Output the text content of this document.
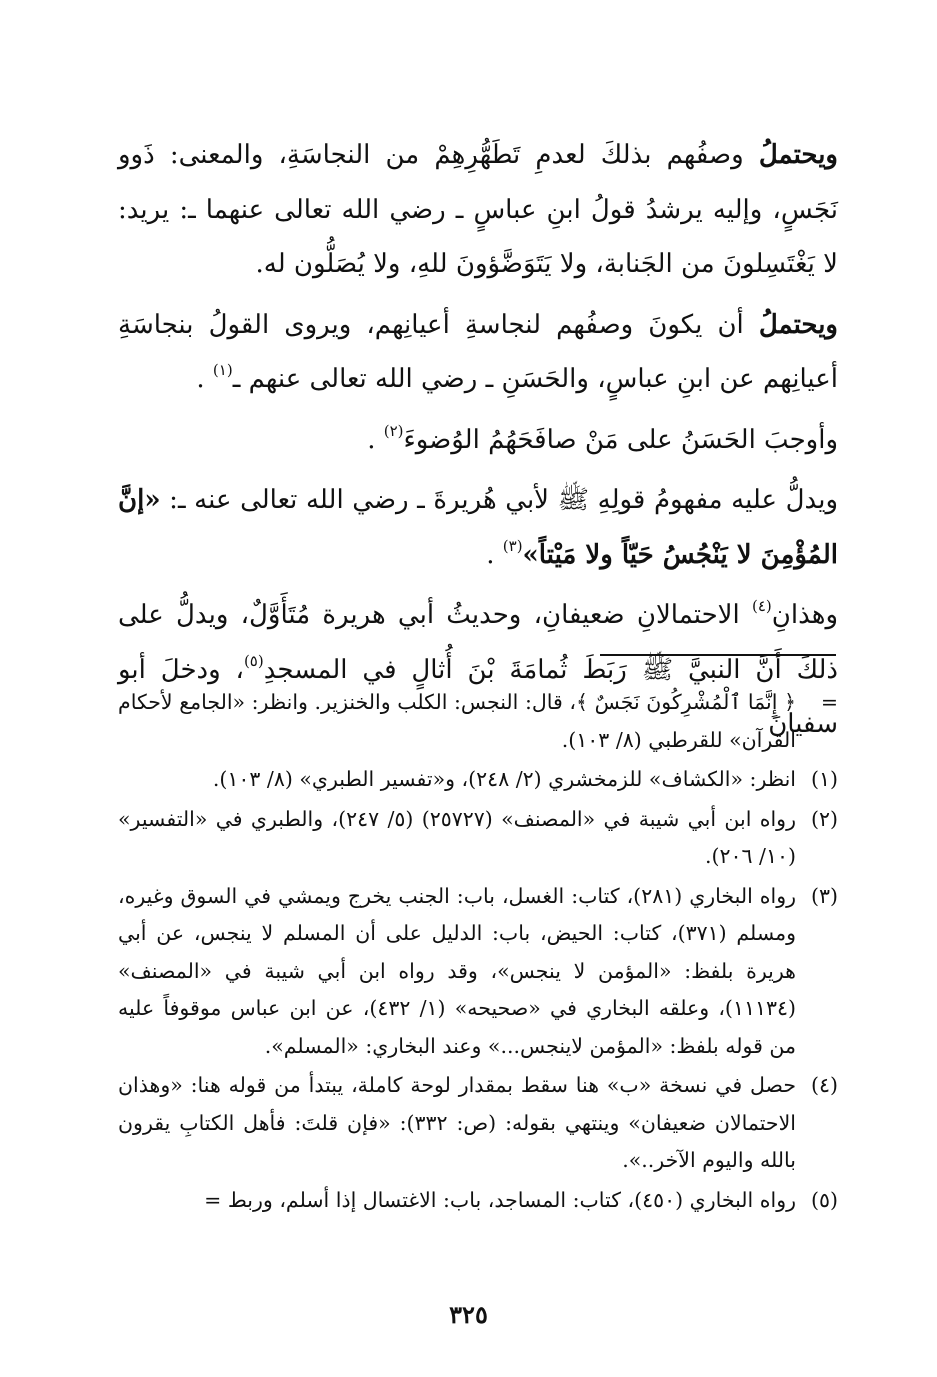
ويحتملُ وصفُهم بذلكَ لعدمِ تَطَهُّرِهِمْ من النجاسَةِ، والمعنى: ذَوو نَجَسٍ، وإليه يرشدُ قولُ ابنِ عباسٍ ـ رضي الله تعالى عنهما ـ: يريد: لا يَغْتَسِلونَ من الجَنابة، ولا يَتَوَضَّؤونَ للهِ، ولا يُصَلُّون له.

ويحتملُ أن يكونَ وصفُهم لنجاسةِ أعيانِهم، ويروى القولُ بنجاسَةِ أعيانِهم عن ابنِ عباسٍ، والحَسَنِ ـ رضي الله تعالى عنهم ـ$^{(١)}$ .

وأوجبَ الحَسَنُ على مَنْ صافَحَهُمُ الوُضوءَ$^{(٢)}$ .

ويدلُّ عليه مفهومُ قولِهِ ﷺ لأبي هُريرةَ ـ رضي الله تعالى عنه ـ: «إنَّ المُؤْمِنَ لا يَنْجُسُ حَيّاً ولا مَيْتاً»$^{(٣)}$ .

وهذانِ$^{(٤)}$ الاحتمالانِ ضعيفانِ، وحديثُ أبي هريرة مُتَأَوَّلٌ، ويدلُّ على ذلكَ أَنَّ النبيَّ ﷺ رَبَطَ ثُمامَةَ بْنَ أُثالٍ في المسجدِ$^{(٥)}$، ودخلَ أبو سفيانَ

=
﴿ إِنَّمَا ٱلْمُشْرِكُونَ نَجَسٌ ﴾، قال: النجس: الكلب والخنزير. وانظر: «الجامع لأحكام القرآن» للقرطبي (٨/ ١٠٣).
(١)
انظر: «الكشاف» للزمخشري (٢/ ٢٤٨)، و«تفسير الطبري» (٨/ ١٠٣).
(٢)
رواه ابن أبي شيبة في «المصنف» (٢٥٧٢٧) (٥/ ٢٤٧)، والطبري في «التفسير» (١٠/ ٢٠٦).
(٣)
رواه البخاري (٢٨١)، كتاب: الغسل، باب: الجنب يخرج ويمشي في السوق وغيره، ومسلم (٣٧١)، كتاب: الحيض، باب: الدليل على أن المسلم لا ينجس، عن أبي هريرة بلفظ: «المؤمن لا ينجس»، وقد رواه ابن أبي شيبة في «المصنف» (١١١٣٤)، وعلقه البخاري في «صحيحه» (١/ ٤٣٢)، عن ابن عباس موقوفاً عليه من قوله بلفظ: «المؤمن لاينجس...» وعند البخاري: «المسلم».
(٤)
حصل في نسخة «ب» هنا سقط بمقدار لوحة كاملة، يبتدأ من قوله هنا: «وهذان الاحتمالان ضعيفان» وينتهي بقوله: (ص: ٣٣٢): «فإن قلتَ: فأهل الكتابِ يقرون بالله واليوم الآخر..».
(٥)
رواه البخاري (٤٥٠)، كتاب: المساجد، باب: الاغتسال إذا أسلم، وربط =
٣٢٥
